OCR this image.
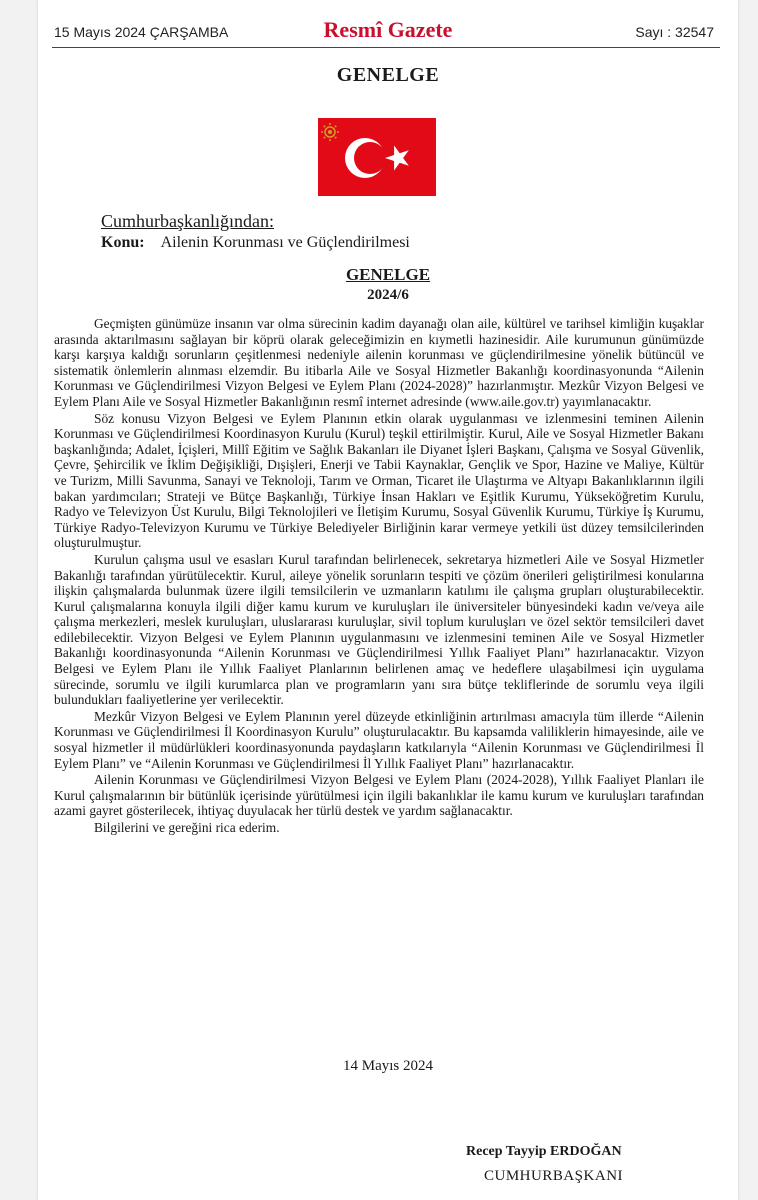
15 Mayıs 2024 ÇARŞAMBA	Resmî Gazete	Sayı : 32547
GENELGE
Cumhurbaşkanlığından:
Konu: Ailenin Korunması ve Güçlendirilmesi
GENELGE
2024/6

Geçmişten günümüze insanın var olma sürecinin kadim dayanağı olan aile, kültürel ve tarihsel kimliğin kuşaklar arasında aktarılmasını sağlayan bir köprü olarak geleceğimizin en kıymetli hazinesidir. Aile kurumunun günümüzde karşı karşıya kaldığı sorunların çeşitlenmesi nedeniyle ailenin korunması ve güçlendirilmesine yönelik bütüncül ve sistematik önlemlerin alınması elzemdir. Bu itibarla Aile ve Sosyal Hizmetler Bakanlığı koordinasyonunda “Ailenin Korunması ve Güçlendirilmesi Vizyon Belgesi ve Eylem Planı (2024-2028)” hazırlanmıştır. Mezkûr Vizyon Belgesi ve Eylem Planı Aile ve Sosyal Hizmetler Bakanlığının resmî internet adresinde (www.aile.gov.tr) yayımlanacaktır.

Söz konusu Vizyon Belgesi ve Eylem Planının etkin olarak uygulanması ve izlenmesini teminen Ailenin Korunması ve Güçlendirilmesi Koordinasyon Kurulu (Kurul) teşkil ettirilmiştir. Kurul, Aile ve Sosyal Hizmetler Bakanı başkanlığında; Adalet, İçişleri, Millî Eğitim ve Sağlık Bakanları ile Diyanet İşleri Başkanı, Çalışma ve Sosyal Güvenlik, Çevre, Şehircilik ve İklim Değişikliği, Dışişleri, Enerji ve Tabii Kaynaklar, Gençlik ve Spor, Hazine ve Maliye, Kültür ve Turizm, Milli Savunma, Sanayi ve Teknoloji, Tarım ve Orman, Ticaret ile Ulaştırma ve Altyapı Bakanlıklarının ilgili bakan yardımcıları; Strateji ve Bütçe Başkanlığı, Türkiye İnsan Hakları ve Eşitlik Kurumu, Yükseköğretim Kurulu, Radyo ve Televizyon Üst Kurulu, Bilgi Teknolojileri ve İletişim Kurumu, Sosyal Güvenlik Kurumu, Türkiye İş Kurumu, Türkiye Radyo-Televizyon Kurumu ve Türkiye Belediyeler Birliğinin karar vermeye yetkili üst düzey temsilcilerinden oluşturulmuştur.

Kurulun çalışma usul ve esasları Kurul tarafından belirlenecek, sekretarya hizmetleri Aile ve Sosyal Hizmetler Bakanlığı tarafından yürütülecektir. Kurul, aileye yönelik sorunların tespiti ve çözüm önerileri geliştirilmesi konularına ilişkin çalışmalarda bulunmak üzere ilgili temsilcilerin ve uzmanların katılımı ile çalışma grupları oluşturabilecektir. Kurul çalışmalarına konuyla ilgili diğer kamu kurum ve kuruluşları ile üniversiteler bünyesindeki kadın ve/veya aile çalışma merkezleri, meslek kuruluşları, uluslararası kuruluşlar, sivil toplum kuruluşları ve özel sektör temsilcileri davet edilebilecektir. Vizyon Belgesi ve Eylem Planının uygulanmasını ve izlenmesini teminen Aile ve Sosyal Hizmetler Bakanlığı koordinasyonunda “Ailenin Korunması ve Güçlendirilmesi Yıllık Faaliyet Planı” hazırlanacaktır. Vizyon Belgesi ve Eylem Planı ile Yıllık Faaliyet Planlarının belirlenen amaç ve hedeflere ulaşabilmesi için uygulama sürecinde, sorumlu ve ilgili kurumlarca plan ve programların yanı sıra bütçe tekliflerinde de sorumlu veya ilgili bulundukları faaliyetlerine yer verilecektir.

Mezkûr Vizyon Belgesi ve Eylem Planının yerel düzeyde etkinliğinin artırılması amacıyla tüm illerde “Ailenin Korunması ve Güçlendirilmesi İl Koordinasyon Kurulu” oluşturulacaktır. Bu kapsamda valiliklerin himayesinde, aile ve sosyal hizmetler il müdürlükleri koordinasyonunda paydaşların katkılarıyla “Ailenin Korunması ve Güçlendirilmesi İl Eylem Planı” ve “Ailenin Korunması ve Güçlendirilmesi İl Yıllık Faaliyet Planı” hazırlanacaktır.

Ailenin Korunması ve Güçlendirilmesi Vizyon Belgesi ve Eylem Planı (2024-2028), Yıllık Faaliyet Planları ile Kurul çalışmalarının bir bütünlük içerisinde yürütülmesi için ilgili bakanlıklar ile kamu kurum ve kuruluşları tarafından azami gayret gösterilecek, ihtiyaç duyulacak her türlü destek ve yardım sağlanacaktır.

Bilgilerini ve gereğini rica ederim.

14 Mayıs 2024
Recep Tayyip ERDOĞAN
CUMHURBAŞKANI
